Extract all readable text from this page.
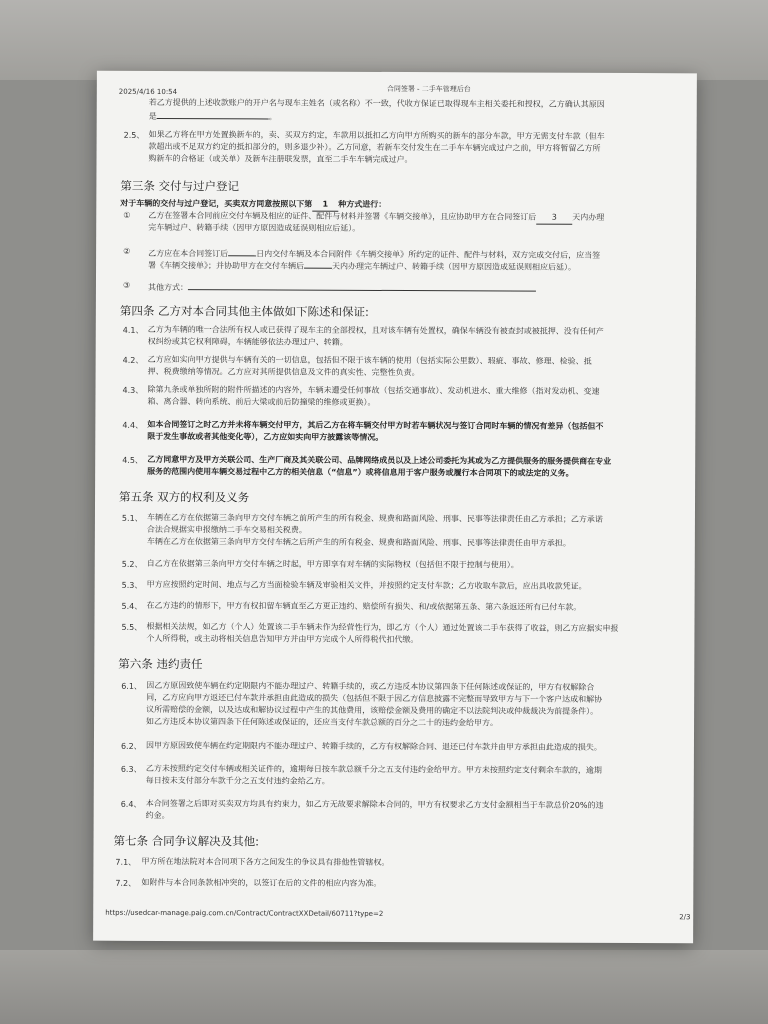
2025/4/16 10:54	合同签署 - 二手车管理后台
若乙方提供的上述收款账户的开户名与现车主姓名（或名称）不一致，代收方保证已取得现车主相关委托和授权，乙方确认其原因
是	。
2.5、 如果乙方将在甲方处置换新车的，卖、买双方约定，车款用以抵扣乙方向甲方所购买的新车的部分车款，甲方无需支付车款（但车
款超出或不足双方约定的抵扣部分的，则多退少补）。乙方同意，若新车交付发生在二手车车辆完成过户之前，甲方将暂留乙方所
购新车的合格证（或关单）及新车注册联发票，直至二手车车辆完成过户。
第三条 交付与过户登记
对于车辆的交付与过户登记，买卖双方同意按照以下第 1 种方式进行：
① 乙方在签署本合同前应交付车辆及相应的证件、配件与材料并签署《车辆交接单》，且应协助甲方在合同签订后 3 天内办理
完车辆过户、转籍手续（因甲方原因造成延误则相应后延）。
② 乙方应在本合同签订后	日内交付车辆及本合同附件《车辆交接单》所约定的证件、配件与材料，双方完成交付后，应当签
署《车辆交接单》；并协助甲方在交付车辆后	天内办理完车辆过户、转籍手续（因甲方原因造成延误则相应后延）。
③ 其他方式：
第四条 乙方对本合同其他主体做如下陈述和保证:
4.1、 乙方为车辆的唯一合法所有权人或已获得了现车主的全部授权，且对该车辆有处置权，确保车辆没有被查封或被抵押、没有任何产
权纠纷或其它权利障碍，车辆能够依法办理过户、转籍。
4.2、 乙方应如实向甲方提供与车辆有关的一切信息，包括但不限于该车辆的使用（包括实际公里数）、瑕疵、事故、修理、检验、抵
押、税费缴纳等情况。乙方应对其所提供信息及文件的真实性、完整性负责。
4.3、 除第九条或单独所附的附件所描述的内容外，车辆未遭受任何事故（包括交通事故）、发动机进水、重大维修（指对发动机、变速
箱、离合器、转向系统、前后大梁或前后防撞梁的维修或更换）。
4.4、 如本合同签订之时乙方并未将车辆交付甲方，其后乙方在将车辆交付甲方时若车辆状况与签订合同时车辆的情况有差异（包括但不
限于发生事故或者其他变化等），乙方应如实向甲方披露该等情况。
4.5、 乙方同意甲方及甲方关联公司、生产厂商及其关联公司、品牌网络成员以及上述公司委托为其或为乙方提供服务的服务提供商在专业
服务的范围内使用车辆交易过程中乙方的相关信息（“信息”）或将信息用于客户服务或履行本合同项下的或法定的义务。
第五条 双方的权利及义务
5.1、 车辆在乙方在依据第三条向甲方交付车辆之前所产生的所有税金、规费和路面风险、刑事、民事等法律责任由乙方承担；乙方承诺
合法合规据实申报缴纳二手车交易相关税费。
车辆在乙方在依据第三条向甲方交付车辆之后所产生的所有税金、规费和路面风险、刑事、民事等法律责任由甲方承担。
5.2、 自乙方在依据第三条向甲方交付车辆之时起，甲方即享有对车辆的实际物权（包括但不限于控制与使用）。
5.3、 甲方应按照约定时间、地点与乙方当面检验车辆及审验相关文件，并按照约定支付车款；乙方收取车款后，应出具收款凭证。
5.4、 在乙方违约的情形下，甲方有权扣留车辆直至乙方更正违约、赔偿所有损失、和/或依据第五条、第六条返还所有已付车款。
5.5、 根据相关法规，如乙方（个人）处置该二手车辆未作为经营性行为，即乙方（个人）通过处置该二手车获得了收益，则乙方应据实申报
个人所得税，或主动将相关信息告知甲方并由甲方完成个人所得税代扣代缴。
第六条 违约责任
6.1、 因乙方原因致使车辆在约定期限内不能办理过户、转籍手续的，或乙方违反本协议第四条下任何陈述或保证的，甲方有权解除合
同，乙方应向甲方返还已付车款并承担由此造成的损失（包括但不限于因乙方信息披露不完整而导致甲方与下一个客户达成和解协
议所需赔偿的金额，以及达成和解协议过程中产生的其他费用，该赔偿金额及费用的确定不以法院判决或仲裁裁决为前提条件）。
如乙方违反本协议第四条下任何陈述或保证的，还应当支付车款总额的百分之二十的违约金给甲方。
6.2、 因甲方原因致使车辆在约定期限内不能办理过户、转籍手续的，乙方有权解除合同、退还已付车款并由甲方承担由此造成的损失。
6.3、 乙方未按照约定交付车辆或相关证件的，逾期每日按车款总额千分之五支付违约金给甲方。甲方未按照约定支付剩余车款的，逾期
每日按未支付部分车款千分之五支付违约金给乙方。
6.4、 本合同签署之后即对买卖双方均具有约束力，如乙方无故要求解除本合同的，甲方有权要求乙方支付金额相当于车款总价20%的违
约金。
第七条 合同争议解决及其他:
7.1、 甲方所在地法院对本合同项下各方之间发生的争议具有排他性管辖权。
7.2、 如附件与本合同条款相冲突的，以签订在后的文件的相应内容为准。
https://usedcar-manage.paig.com.cn/Contract/ContractXXDetail/60711?type=2	2/3
